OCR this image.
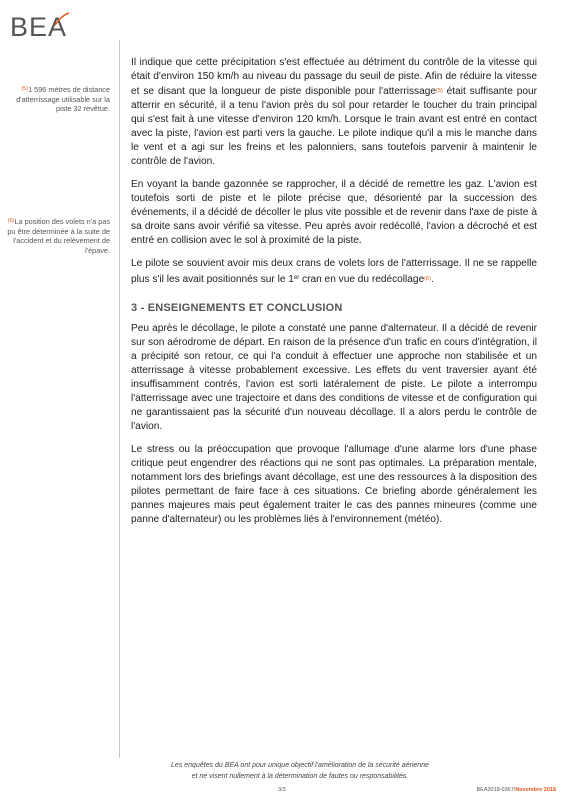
BEA
$^{(5)}$1 596 mètres de distance d'atterrissage utilisable sur la piste 32 revêtue.
$^{(6)}$La position des volets n'a pas pu être déterminée à la suite de l'accident et du relèvement de l'épave.

Il indique que cette précipitation s'est effectuée au détriment du contrôle de la vitesse qui était d'environ 150 km/h au niveau du passage du seuil de piste. Afin de réduire la vitesse et se disant que la longueur de piste disponible pour l'atterrissage$^{(5)}$ était suffisante pour atterrir en sécurité, il a tenu l'avion près du sol pour retarder le toucher du train principal qui s'est fait à une vitesse d'environ 120 km/h. Lorsque le train avant est entré en contact avec la piste, l'avion est parti vers la gauche. Le pilote indique qu'il a mis le manche dans le vent et a agi sur les freins et les palonniers, sans toutefois parvenir à maintenir le contrôle de l'avion.

En voyant la bande gazonnée se rapprocher, il a décidé de remettre les gaz. L'avion est toutefois sorti de piste et le pilote précise que, désorienté par la succession des événements, il a décidé de décoller le plus vite possible et de revenir dans l'axe de piste à sa droite sans avoir vérifié sa vitesse. Peu après avoir redécollé, l'avion a décroché et est entré en collision avec le sol à proximité de la piste.

Le pilote se souvient avoir mis deux crans de volets lors de l'atterrissage. Il ne se rappelle plus s'il les avait positionnés sur le 1er cran en vue du redécollage$^{(6)}$.

3 - ENSEIGNEMENTS ET CONCLUSION

Peu après le décollage, le pilote a constaté une panne d'alternateur. Il a décidé de revenir sur son aérodrome de départ. En raison de la présence d'un trafic en cours d'intégration, il a précipité son retour, ce qui l'a conduit à effectuer une approche non stabilisée et un atterrissage à vitesse probablement excessive. Les effets du vent traversier ayant été insuffisamment contrés, l'avion est sorti latéralement de piste. Le pilote a interrompu l'atterrissage avec une trajectoire et dans des conditions de vitesse et de configuration qui ne garantissaient pas la sécurité d'un nouveau décollage. Il a alors perdu le contrôle de l'avion.

Le stress ou la préoccupation que provoque l'allumage d'une alarme lors d'une phase critique peut engendrer des réactions qui ne sont pas optimales. La préparation mentale, notamment lors des briefings avant décollage, est une des ressources à la disposition des pilotes permettant de faire face à ces situations. Ce briefing aborde généralement les pannes majeures mais peut également traiter le cas des pannes mineures (comme une panne d'alternateur) ou les problèmes liés à l'environnement (météo).

Les enquêtes du BEA ont pour unique objectif l'amélioration de la sécurité aérienne
et ne visent nullement à la détermination de fautes ou responsabilités.
3/3	BEA2018-0367/Novembre 2018
